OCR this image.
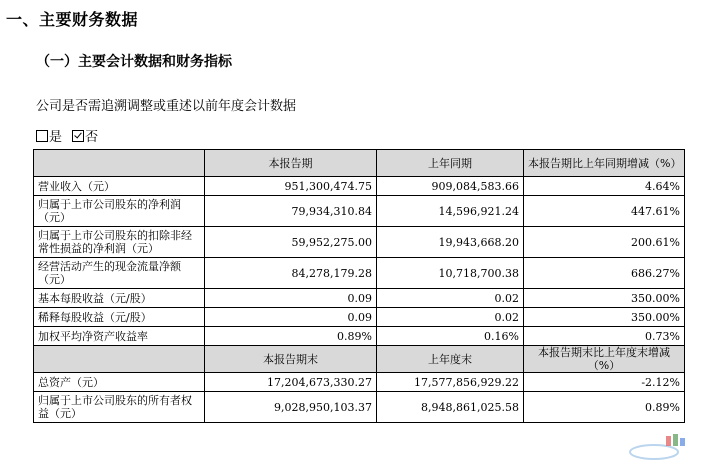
一、主要财务数据
（一）主要会计数据和财务指标
公司是否需追溯调整或重述以前年度会计数据
是 否
	本报告期	上年同期	本报告期比上年同期增减（%）
营业收入（元）	951,300,474.75	909,084,583.66	4.64%
归属于上市公司股东的净利润（元）	79,934,310.84	14,596,921.24	447.61%
归属于上市公司股东的扣除非经常性损益的净利润（元）	59,952,275.00	19,943,668.20	200.61%
经营活动产生的现金流量净额（元）	84,278,179.28	10,718,700.38	686.27%
基本每股收益（元/股）	0.09	0.02	350.00%
稀释每股收益（元/股）	0.09	0.02	350.00%
加权平均净资产收益率	0.89%	0.16%	0.73%
	本报告期末	上年度末	本报告期末比上年度末增减（%）
总资产（元）	17,204,673,330.27	17,577,856,929.22	-2.12%
归属于上市公司股东的所有者权益（元）	9,028,950,103.37	8,948,861,025.58	0.89%
